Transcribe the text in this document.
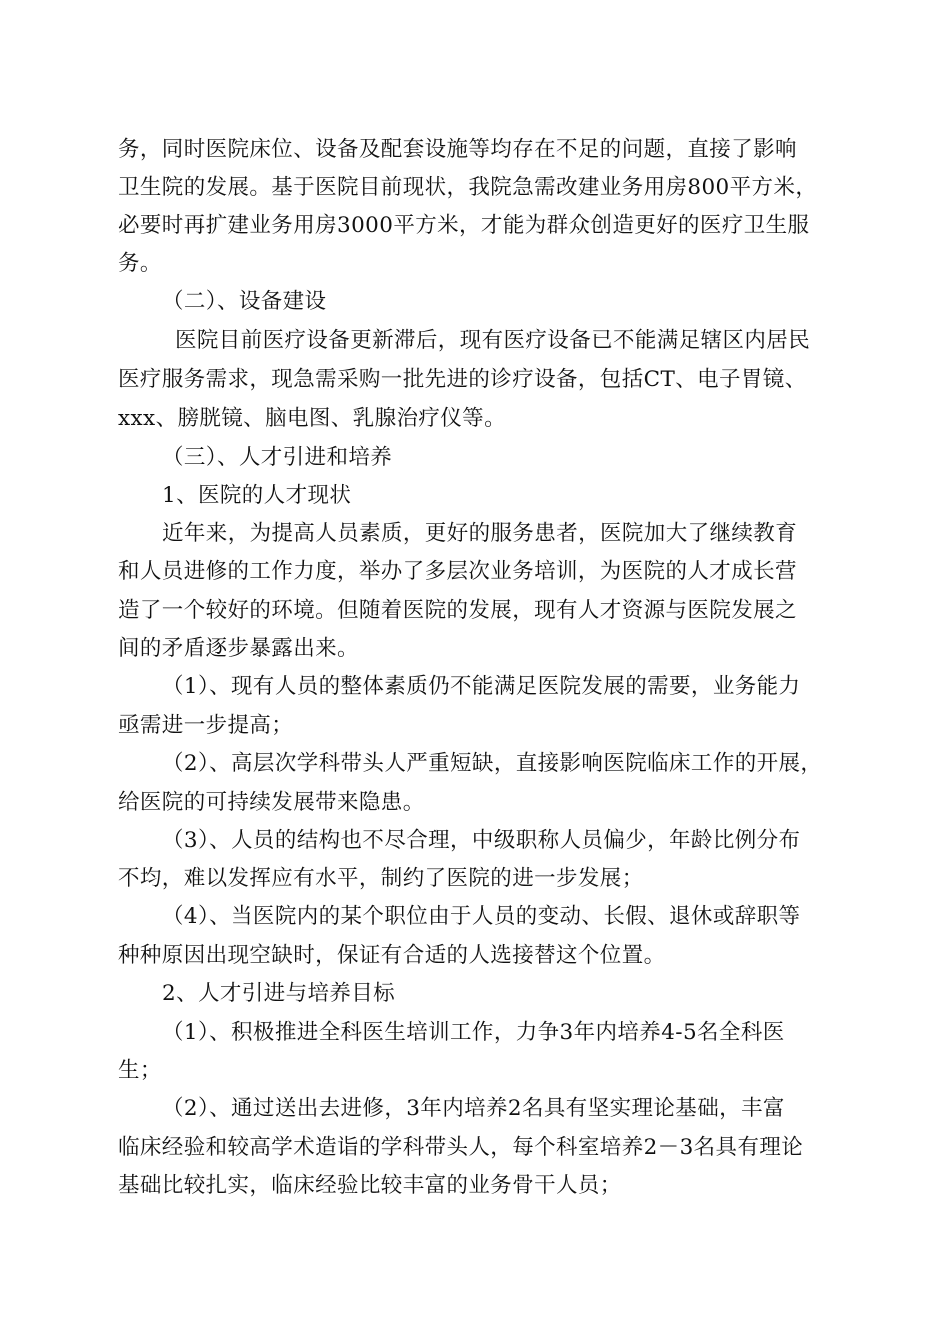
务，同时医院床位、设备及配套设施等均存在不足的问题，直接了影响
卫生院的发展。基于医院目前现状，我院急需改建业务用房800平方米，
必要时再扩建业务用房3000平方米，才能为群众创造更好的医疗卫生服
务。
（二）、设备建设
医院目前医疗设备更新滞后，现有医疗设备已不能满足辖区内居民
医疗服务需求，现急需采购一批先进的诊疗设备，包括CT、电子胃镜、
xxx、膀胱镜、脑电图、乳腺治疗仪等。
（三）、人才引进和培养
1、医院的人才现状
近年来，为提高人员素质，更好的服务患者，医院加大了继续教育
和人员进修的工作力度，举办了多层次业务培训，为医院的人才成长营
造了一个较好的环境。但随着医院的发展，现有人才资源与医院发展之
间的矛盾逐步暴露出来。
（1）、现有人员的整体素质仍不能满足医院发展的需要，业务能力
亟需进一步提高；
（2）、高层次学科带头人严重短缺，直接影响医院临床工作的开展，
给医院的可持续发展带来隐患。
（3）、人员的结构也不尽合理，中级职称人员偏少，年龄比例分布
不均，难以发挥应有水平，制约了医院的进一步发展；
（4）、当医院内的某个职位由于人员的变动、长假、退休或辞职等
种种原因出现空缺时，保证有合适的人选接替这个位置。
2、人才引进与培养目标
（1）、积极推进全科医生培训工作，力争3年内培养4-5名全科医
生；
（2）、通过送出去进修，3年内培养2名具有坚实理论基础，丰富
临床经验和较高学术造诣的学科带头人，每个科室培养2－3名具有理论
基础比较扎实，临床经验比较丰富的业务骨干人员；
